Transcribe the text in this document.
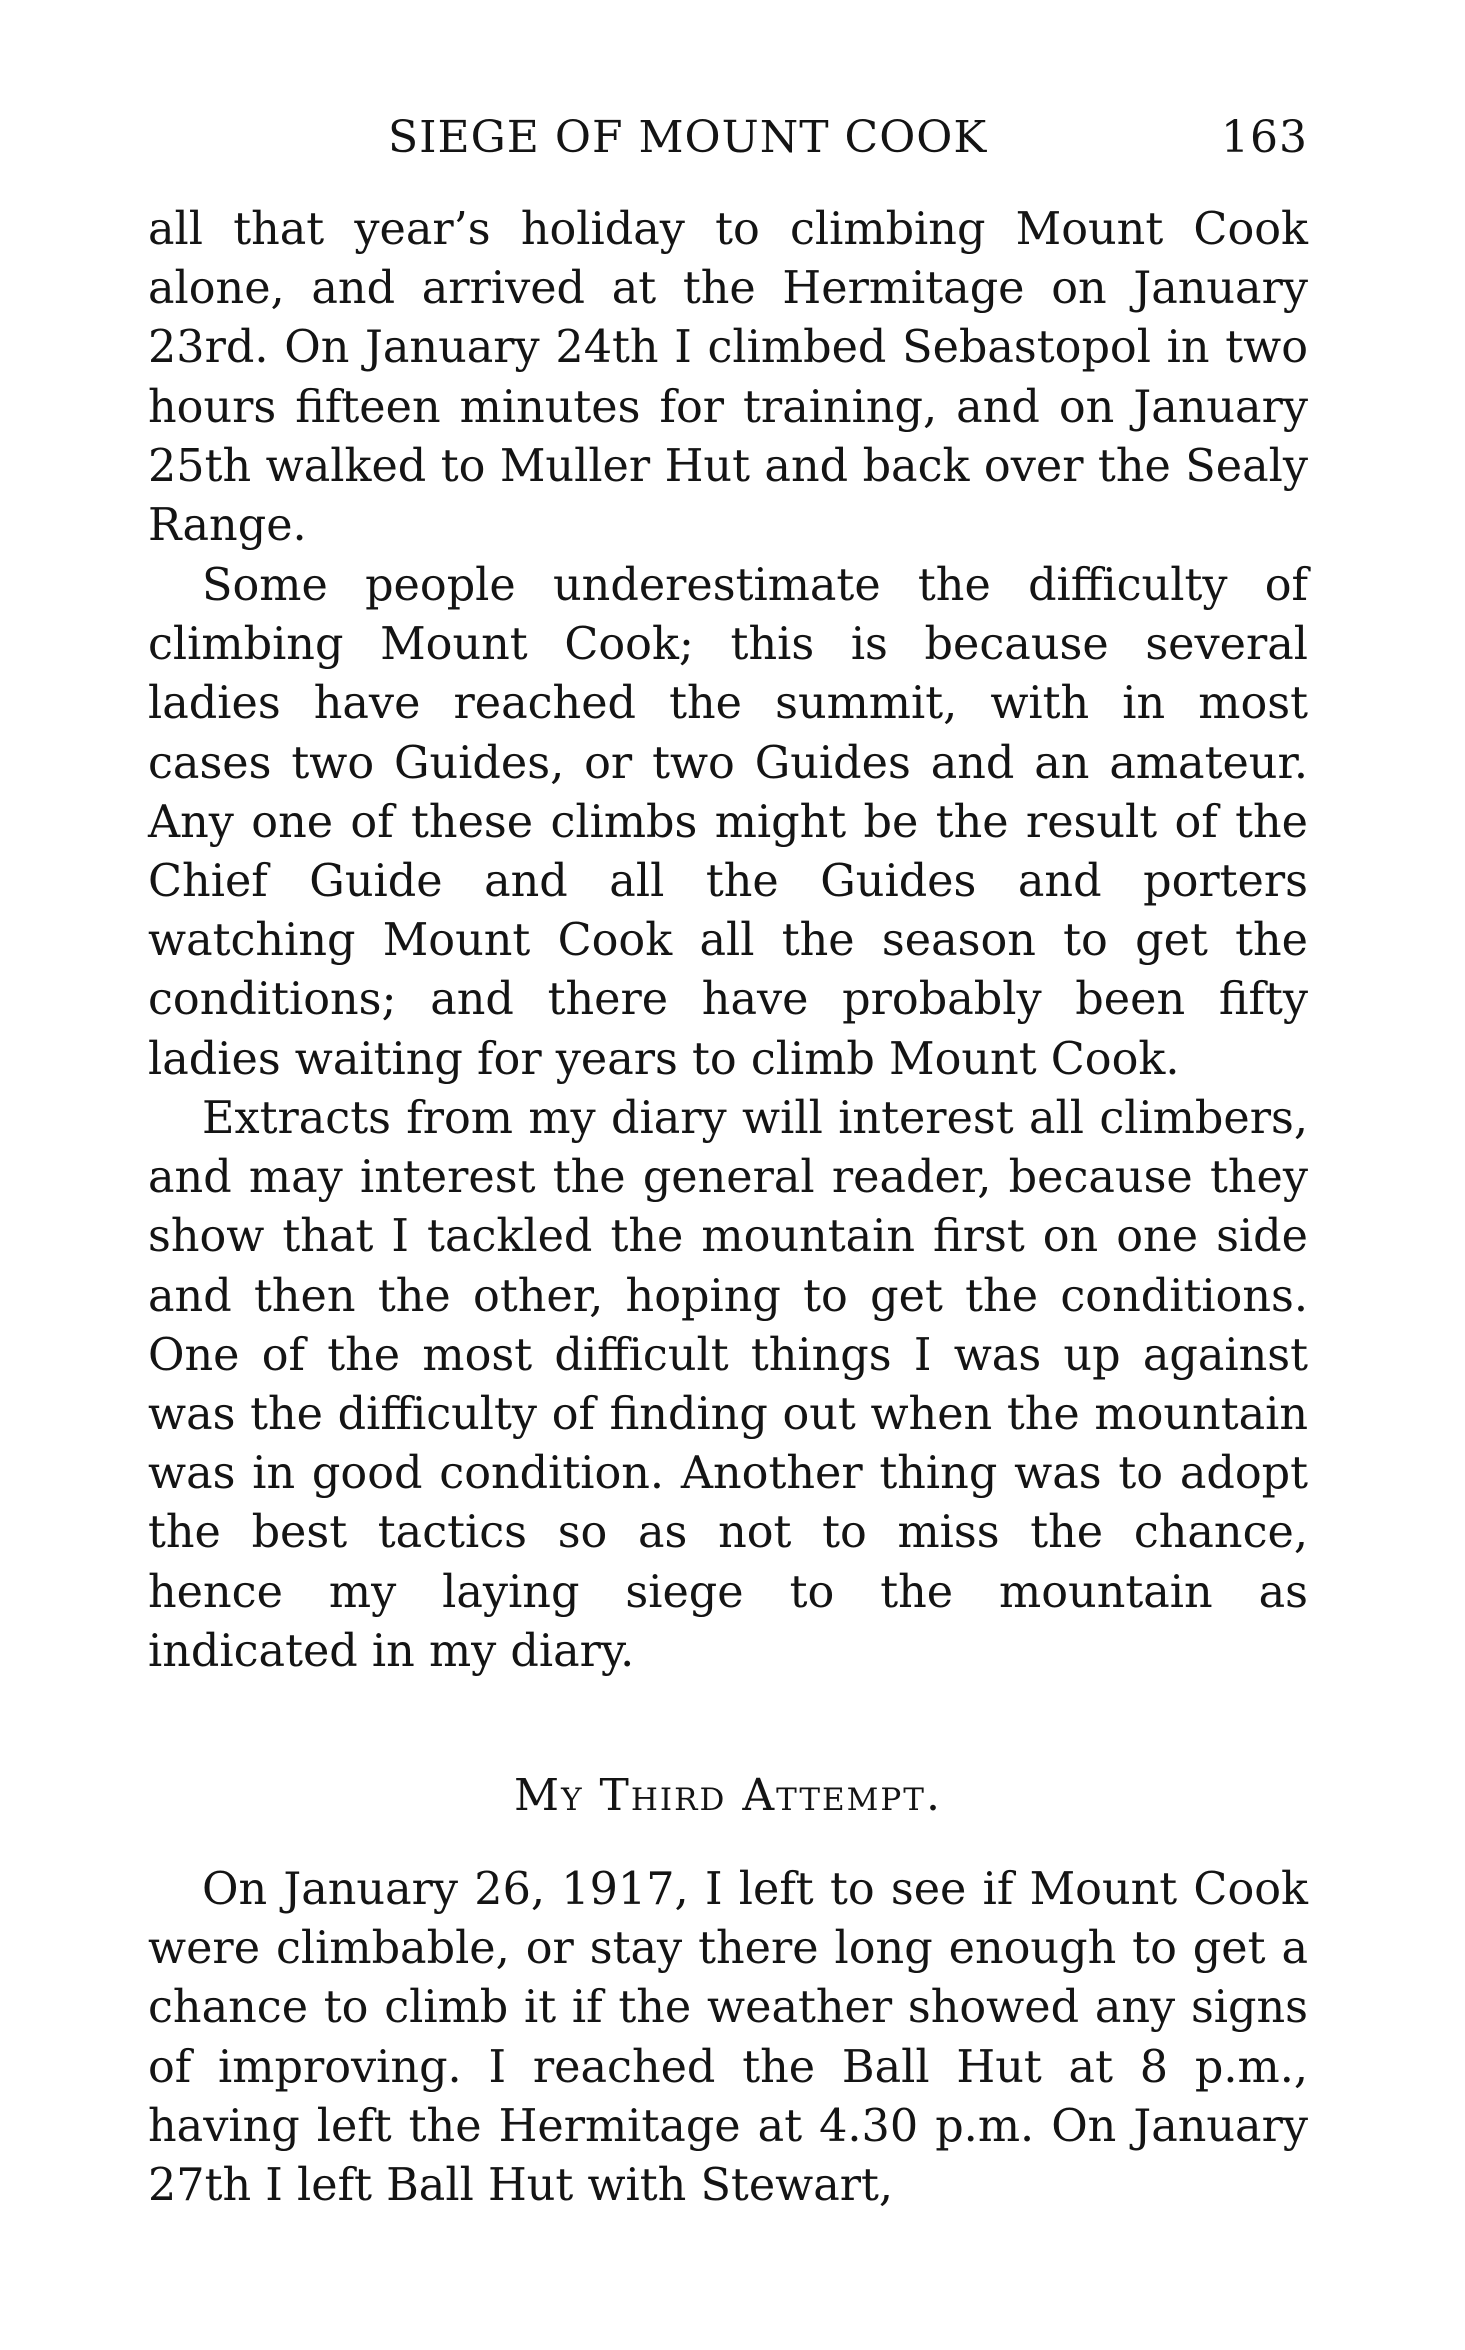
SIEGE OF MOUNT COOK	163

all that year’s holiday to climbing Mount Cook alone, and arrived at the Hermitage on January 23rd. On January 24th I climbed Sebastopol in two hours fifteen minutes for training, and on January 25th walked to Muller Hut and back over the Sealy Range.

Some people underestimate the difficulty of climbing Mount Cook; this is because several ladies have reached the summit, with in most cases two Guides, or two Guides and an amateur. Any one of these climbs might be the result of the Chief Guide and all the Guides and porters watching Mount Cook all the season to get the conditions; and there have probably been fifty ladies waiting for years to climb Mount Cook.

Extracts from my diary will interest all climbers, and may interest the general reader, because they show that I tackled the mountain first on one side and then the other, hoping to get the conditions. One of the most difficult things I was up against was the difficulty of finding out when the mountain was in good condition. Another thing was to adopt the best tactics so as not to miss the chance, hence my laying siege to the mountain as indicated in my diary.

My Third Attempt.

On January 26, 1917, I left to see if Mount Cook were climbable, or stay there long enough to get a chance to climb it if the weather showed any signs of improving. I reached the Ball Hut at 8 p.m., having left the Hermitage at 4.30 p.m. On January 27th I left Ball Hut with Stewart,
